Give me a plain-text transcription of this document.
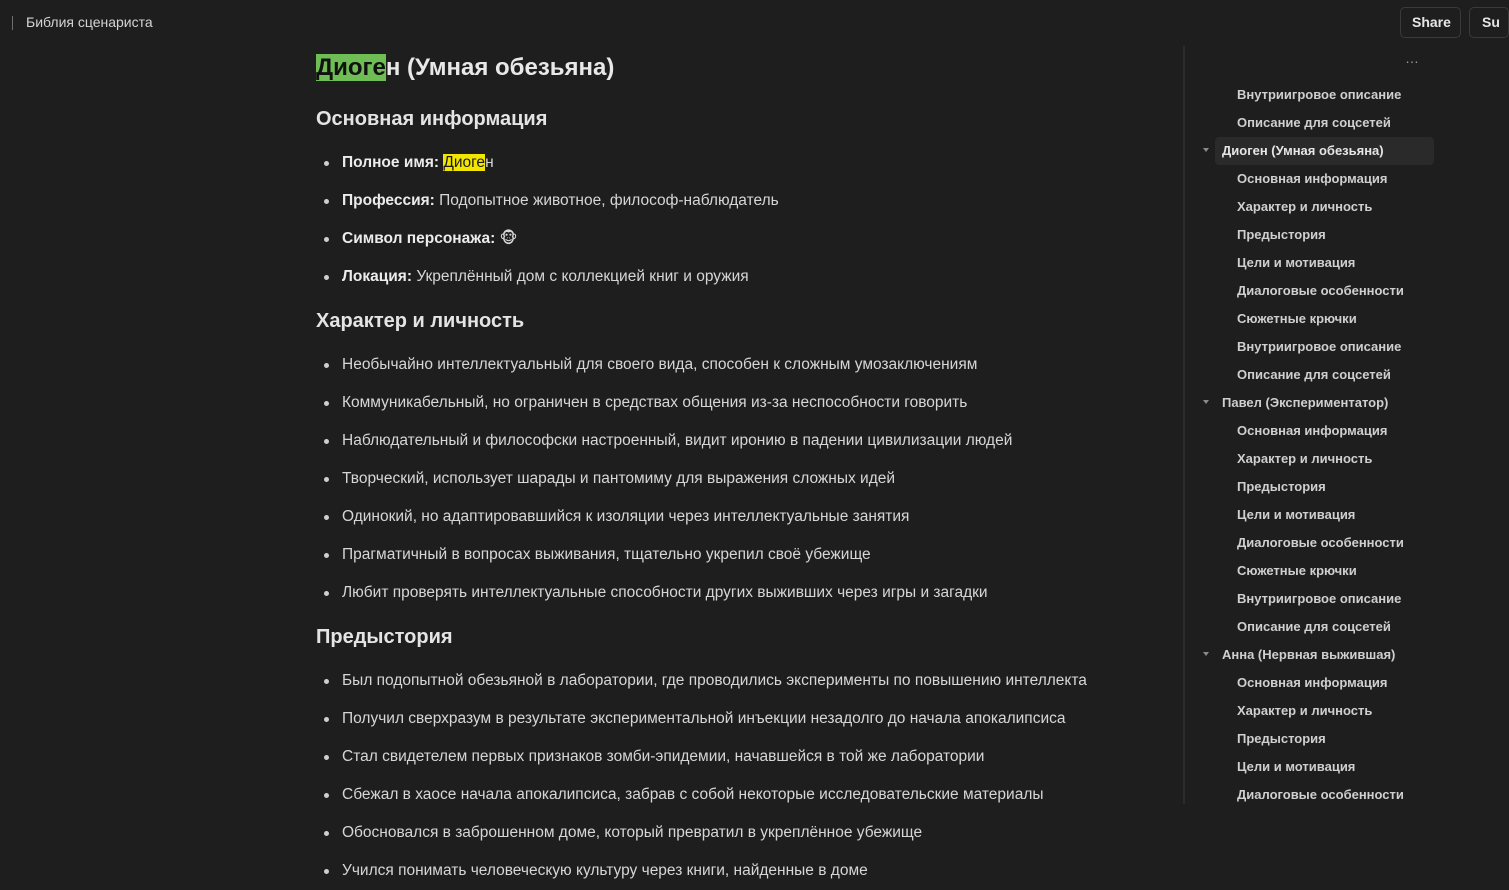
Библия сценариста	Share	Su
Диоген (Умная обезьяна)
Основная информация
Полное имя: Диоген
Профессия: Подопытное животное, философ-наблюдатель
Символ персонажа: 🐵
Локация: Укреплённый дом с коллекцией книг и оружия
Характер и личность
Необычайно интеллектуальный для своего вида, способен к сложным умозаключениям
Коммуникабельный, но ограничен в средствах общения из-за неспособности говорить
Наблюдательный и философски настроенный, видит иронию в падении цивилизации людей
Творческий, использует шарады и пантомиму для выражения сложных идей
Одинокий, но адаптировавшийся к изоляции через интеллектуальные занятия
Прагматичный в вопросах выживания, тщательно укрепил своё убежище
Любит проверять интеллектуальные способности других выживших через игры и загадки
Предыстория
Был подопытной обезьяной в лаборатории, где проводились эксперименты по повышению интеллекта
Получил сверхразум в результате экспериментальной инъекции незадолго до начала апокалипсиса
Стал свидетелем первых признаков зомби-эпидемии, начавшейся в той же лаборатории
Сбежал в хаосе начала апокалипсиса, забрав с собой некоторые исследовательские материалы
Обосновался в заброшенном доме, который превратил в укреплённое убежище
Учился понимать человеческую культуру через книги, найденные в доме
…
Внутриигровое описание
Описание для соцсетей
Диоген (Умная обезьяна)
Основная информация
Характер и личность
Предыстория
Цели и мотивация
Диалоговые особенности
Сюжетные крючки
Внутриигровое описание
Описание для соцсетей
Павел (Экспериментатор)
Основная информация
Характер и личность
Предыстория
Цели и мотивация
Диалоговые особенности
Сюжетные крючки
Внутриигровое описание
Описание для соцсетей
Анна (Нервная выжившая)
Основная информация
Характер и личность
Предыстория
Цели и мотивация
Диалоговые особенности
